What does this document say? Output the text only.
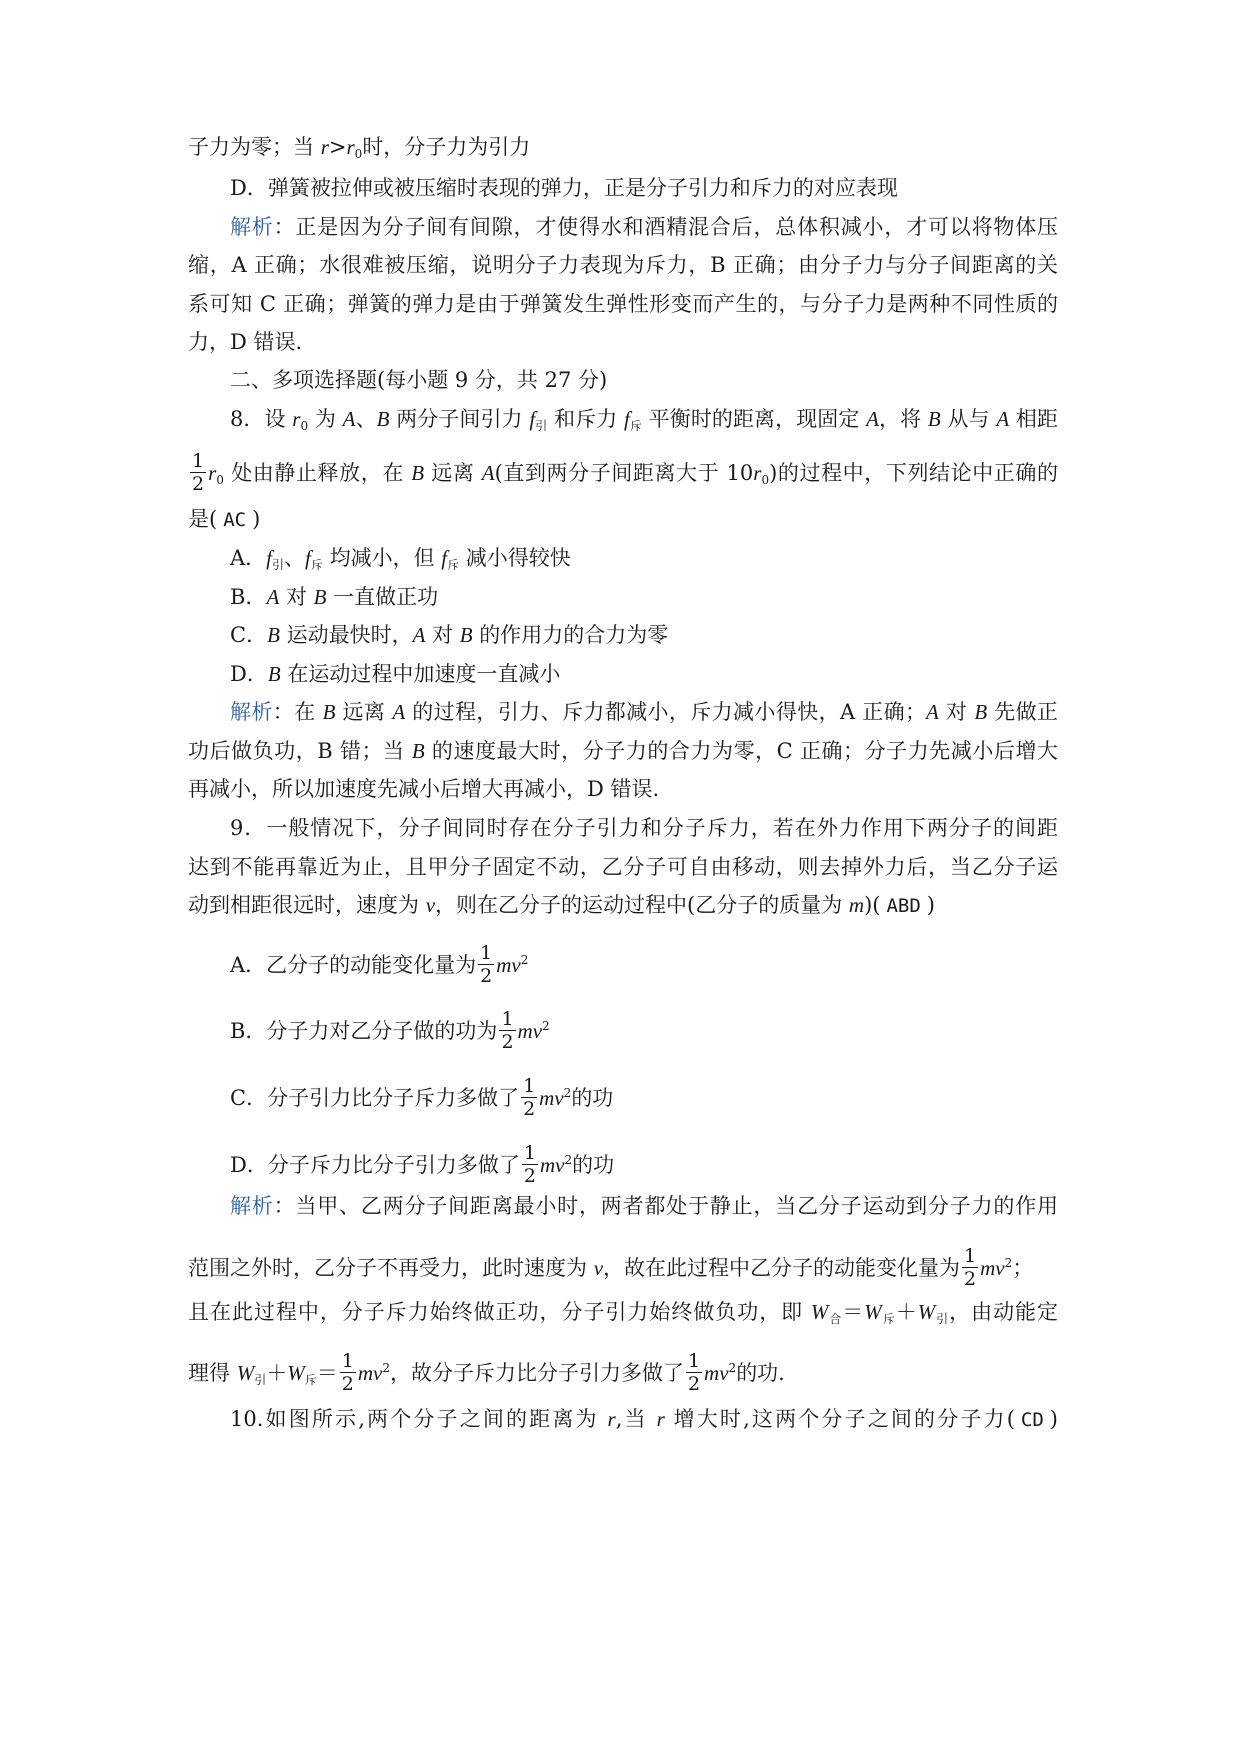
子力为零；当 $r>r_0$时，分子力为引力
D．弹簧被拉伸或被压缩时表现的弹力，正是分子引力和斥力的对应表现
解析：正是因为分子间有间隙，才使得水和酒精混合后，总体积减小，才可以将物体压
缩，A 正确；水很难被压缩，说明分子力表现为斥力，B 正确；由分子力与分子间距离的关
系可知 C 正确；弹簧的弹力是由于弹簧发生弹性形变而产生的，与分子力是两种不同性质的
力，D 错误.
二、多项选择题(每小题 9 分，共 27 分)
8．设 $r_0$ 为 A、B 两分子间引力 $f_引$ 和斥力 $f_斥$ 平衡时的距离，现固定 A，将 B 从与 A 相距
$\frac{1}{2} r_0$ 处由静止释放，在 B 远离 A(直到两分子间距离大于 $10r_0$)的过程中，下列结论中正确的
是( AC )
A．$f_引$、$f_斥$ 均减小，但 $f_斥$ 减小得较快
B．A 对 B 一直做正功
C．B 运动最快时，A 对 B 的作用力的合力为零
D．B 在运动过程中加速度一直减小
解析：在 B 远离 A 的过程，引力、斥力都减小，斥力减小得快，A 正确；A 对 B 先做正
功后做负功，B 错；当 B 的速度最大时，分子力的合力为零，C 正确；分子力先减小后增大
再减小，所以加速度先减小后增大再减小，D 错误.
9．一般情况下，分子间同时存在分子引力和分子斥力，若在外力作用下两分子的间距
达到不能再靠近为止，且甲分子固定不动，乙分子可自由移动，则去掉外力后，当乙分子运
动到相距很远时，速度为 v，则在乙分子的运动过程中(乙分子的质量为 m)( ABD )
A．乙分子的动能变化量为 $\frac{1}{2} mv^2$
B．分子力对乙分子做的功为 $\frac{1}{2} mv^2$
C．分子引力比分子斥力多做了 $\frac{1}{2} mv^2$的功
D．分子斥力比分子引力多做了 $\frac{1}{2} mv^2$的功
解析：当甲、乙两分子间距离最小时，两者都处于静止，当乙分子运动到分子力的作用
范围之外时，乙分子不再受力，此时速度为 v，故在此过程中乙分子的动能变化量为 $\frac{1}{2} mv^2$；
且在此过程中，分子斥力始终做正功，分子引力始终做负功，即 $W_合=W_斥+W_引$，由动能定
理得 $W_引+W_斥= \frac{1}{2} mv^2$，故分子斥力比分子引力多做了 $\frac{1}{2} mv^2$的功.
10.如图所示,两个分子之间的距离为 r,当 r 增大时,这两个分子之间的分子力( CD )
